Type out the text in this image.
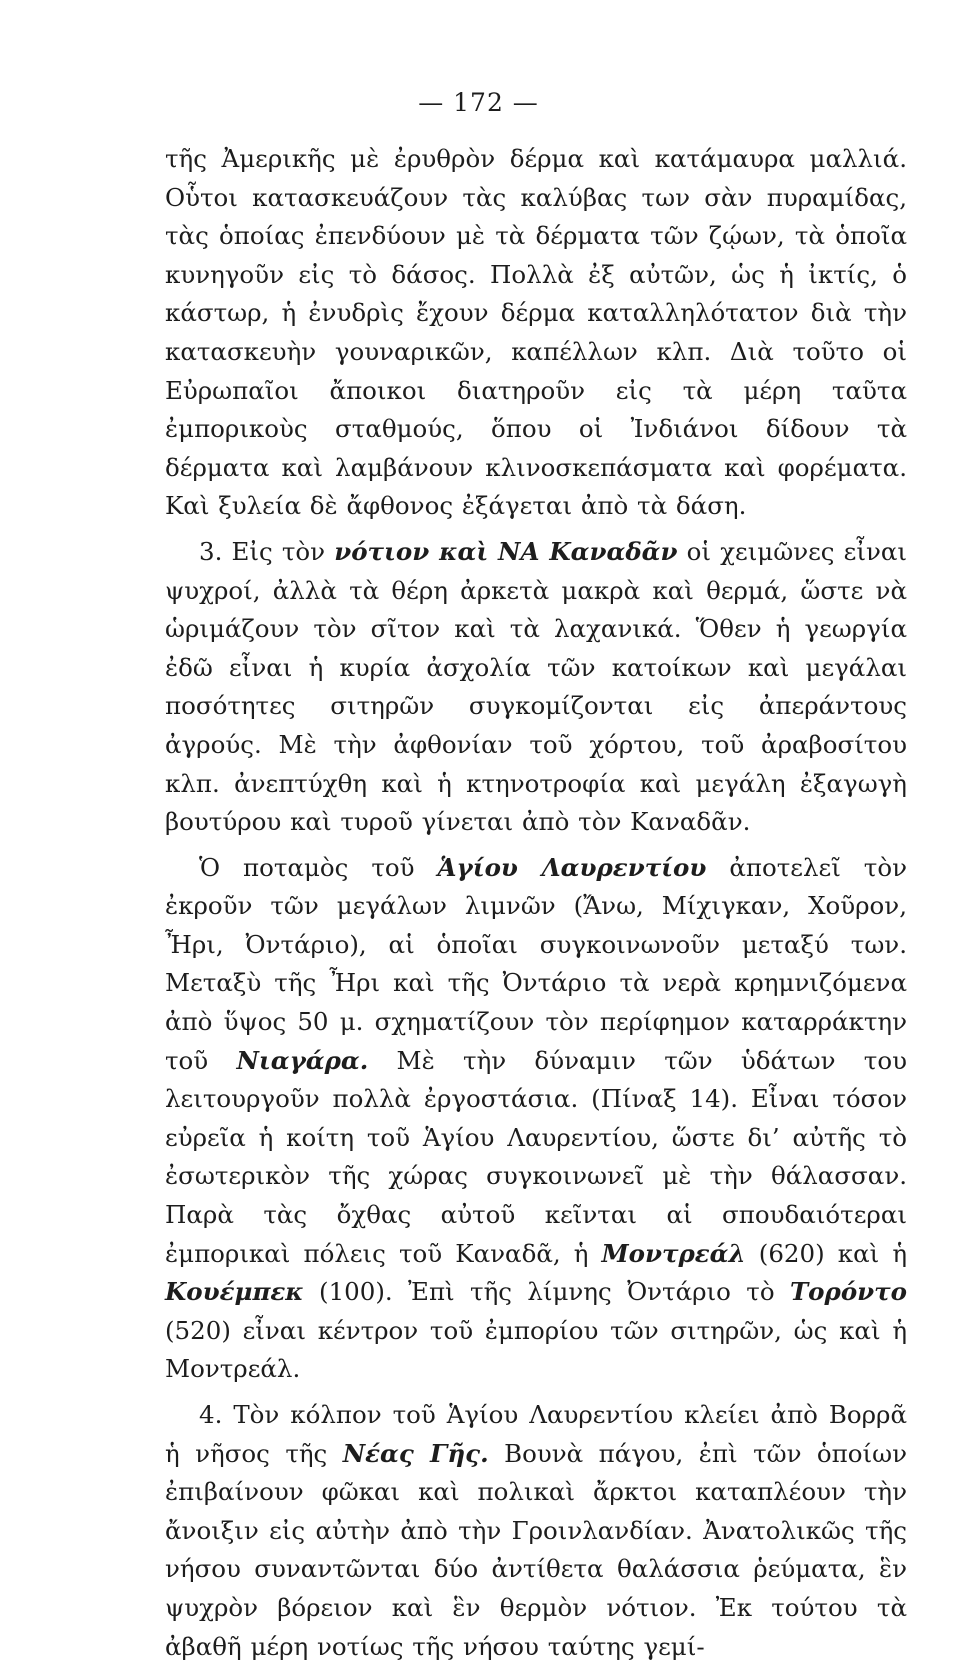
— 172 —

τῆς Ἀμερικῆς μὲ ἐρυθρὸν δέρμα καὶ κατάμαυρα μαλλιά. Οὗτοι κατασκευάζουν τὰς καλύβας των σὰν πυραμίδας, τὰς ὁποίας ἐπενδύουν μὲ τὰ δέρματα τῶν ζῴων, τὰ ὁποῖα κυνηγοῦν εἰς τὸ δάσος. Πολλὰ ἐξ αὐτῶν, ὡς ἡ ἰκτίς, ὁ κάστωρ, ἡ ἐνυδρὶς ἔχουν δέρμα καταλληλότατον διὰ τὴν κατασκευὴν γουναρικῶν, καπέλλων κλπ. Διὰ τοῦτο οἱ Εὐρωπαῖοι ἄποικοι διατηροῦν εἰς τὰ μέρη ταῦτα ἐμπορικοὺς σταθμούς, ὅπου οἱ Ἰνδιάνοι δίδουν τὰ δέρματα καὶ λαμβάνουν κλινοσκεπάσματα καὶ φορέματα. Καὶ ξυλεία δὲ ἄφθονος ἐξάγεται ἀπὸ τὰ δάση.

3. Εἰς τὸν νότιον καὶ ΝΑ Καναδᾶν οἱ χειμῶνες εἶναι ψυχροί, ἀλλὰ τὰ θέρη ἀρκετὰ μακρὰ καὶ θερμά, ὥστε νὰ ὡριμάζουν τὸν σῖτον καὶ τὰ λαχανικά. Ὅθεν ἡ γεωργία ἐδῶ εἶναι ἡ κυρία ἀσχολία τῶν κατοίκων καὶ μεγάλαι ποσότητες σιτηρῶν συγκομίζονται εἰς ἀπεράντους ἀγρούς. Μὲ τὴν ἀφθονίαν τοῦ χόρτου, τοῦ ἀραβοσίτου κλπ. ἀνεπτύχθη καὶ ἡ κτηνοτροφία καὶ μεγάλη ἐξαγωγὴ βουτύρου καὶ τυροῦ γίνεται ἀπὸ τὸν Καναδᾶν.

Ὁ ποταμὸς τοῦ Ἁγίου Λαυρεντίου ἀποτελεῖ τὸν ἐκροῦν τῶν μεγάλων λιμνῶν (Ἄνω, Μίχιγκαν, Χοῦρον, Ἦρι, Ὀντάριο), αἱ ὁποῖαι συγκοινωνοῦν μεταξύ των. Μεταξὺ τῆς Ἦρι καὶ τῆς Ὀντάριο τὰ νερὰ κρημνιζόμενα ἀπὸ ὕψος 50 μ. σχηματίζουν τὸν περίφημον καταρράκτην τοῦ Νιαγάρα. Μὲ τὴν δύναμιν τῶν ὑδάτων του λειτουργοῦν πολλὰ ἐργοστάσια. (Πίναξ 14). Εἶναι τόσον εὐρεῖα ἡ κοίτη τοῦ Ἁγίου Λαυρεντίου, ὥστε δι’ αὐτῆς τὸ ἐσωτερικὸν τῆς χώρας συγκοινωνεῖ μὲ τὴν θάλασσαν. Παρὰ τὰς ὄχθας αὐτοῦ κεῖνται αἱ σπουδαιότεραι ἐμπορικαὶ πόλεις τοῦ Καναδᾶ, ἡ Μοντρεάλ (620) καὶ ἡ Κουέμπεκ (100). Ἐπὶ τῆς λίμνης Ὀντάριο τὸ Τορόντο (520) εἶναι κέντρον τοῦ ἐμπορίου τῶν σιτηρῶν, ὡς καὶ ἡ Μοντρεάλ.

4. Τὸν κόλπον τοῦ Ἁγίου Λαυρεντίου κλείει ἀπὸ Βορρᾶ ἡ νῆσος τῆς Νέας Γῆς. Βουνὰ πάγου, ἐπὶ τῶν ὁποίων ἐπιβαίνουν φῶκαι καὶ πολικαὶ ἄρκτοι καταπλέουν τὴν ἄνοιξιν εἰς αὐτὴν ἀπὸ τὴν Γροινλανδίαν. Ἀνατολικῶς τῆς νήσου συναντῶνται δύο ἀντίθετα θαλάσσια ῥεύματα, ἓν ψυχρὸν βόρειον καὶ ἓν θερμὸν νότιον. Ἐκ τούτου τὰ ἀβαθῆ μέρη νοτίως τῆς νήσου ταύτης γεμί-
